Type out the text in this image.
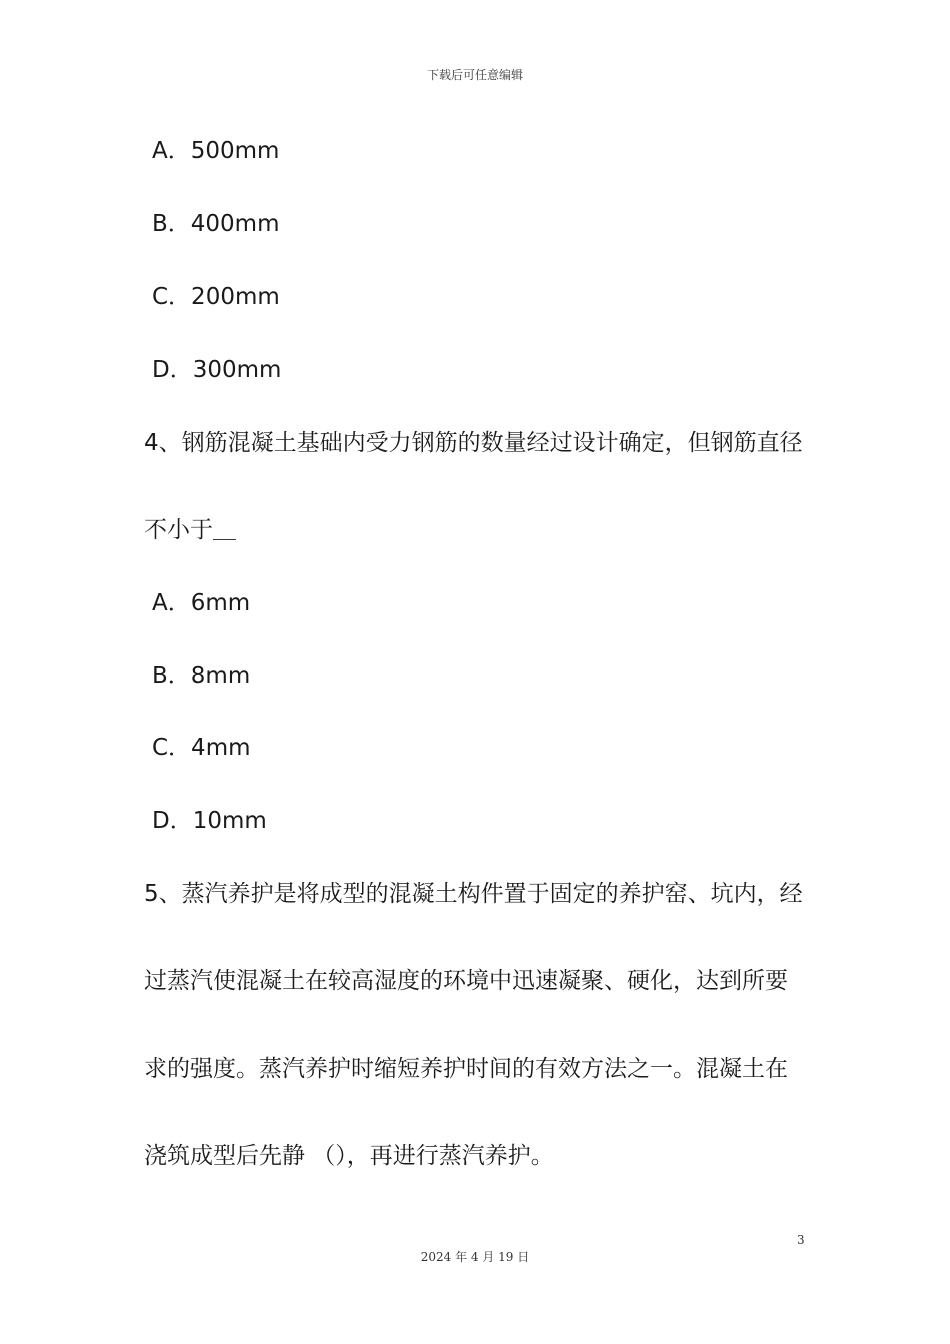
下载后可任意编辑
A．500mm
B．400mm
C．200mm
D．300mm
4、钢筋混凝土基础内受力钢筋的数量经过设计确定，但钢筋直径
不小于＿
A．6mm
B．8mm
C．4mm
D．10mm
5、蒸汽养护是将成型的混凝土构件置于固定的养护窑、坑内，经
过蒸汽使混凝土在较高湿度的环境中迅速凝聚、硬化，达到所要
求的强度。蒸汽养护时缩短养护时间的有效方法之一。混凝土在
浇筑成型后先静 （），再进行蒸汽养护。
3
2024 年 4 月 19 日
